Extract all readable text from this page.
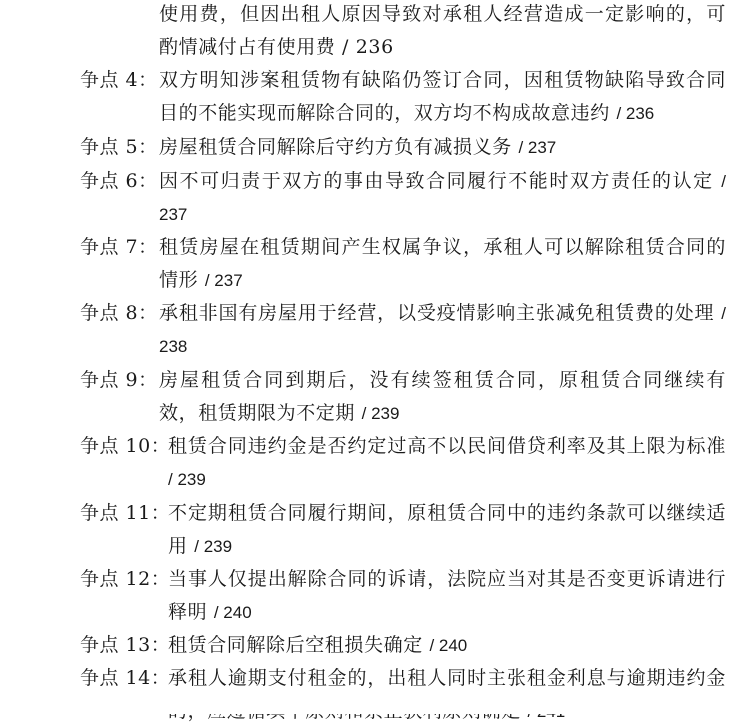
使用费，但因出租人原因导致对承租人经营造成一定影响的，可酌情减付占有使用费 / 236
争点 4： 双方明知涉案租赁物有缺陷仍签订合同，因租赁物缺陷导致合同目的不能实现而解除合同的，双方均不构成故意违约 / 236
争点 5： 房屋租赁合同解除后守约方负有减损义务 / 237
争点 6： 因不可归责于双方的事由导致合同履行不能时双方责任的认定 / 237
争点 7： 租赁房屋在租赁期间产生权属争议，承租人可以解除租赁合同的情形 / 237
争点 8： 承租非国有房屋用于经营，以受疫情影响主张减免租赁费的处理 / 238
争点 9： 房屋租赁合同到期后，没有续签租赁合同，原租赁合同继续有效，租赁期限为不定期 / 239
争点 10：
租赁合同违约金是否约定过高不以民间借贷利率及其上限为标准 / 239
争点 11：
不定期租赁合同履行期间，原租赁合同中的违约条款可以继续适用 / 239
争点 12：
当事人仅提出解除合同的诉请，法院应当对其是否变更诉请进行释明 / 240
争点 13：
租赁合同解除后空租损失确定 / 240
争点 14：
承租人逾期支付租金的，出租人同时主张租金利息与逾期违约金
